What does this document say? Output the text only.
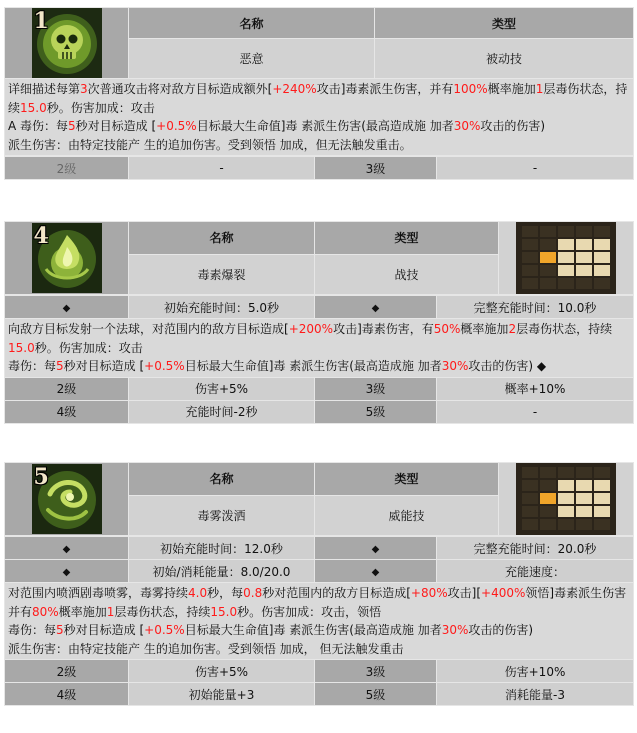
1	名称	类型
	恶意	被动技

详细描述每第3次普通攻击将对敌方目标造成额外[+240%攻击]毒素派生伤害，并有100%概率施加1层毒伤状态，持续15.0秒。伤害加成：攻击
A 毒伤：每5秒对目标造成 [+0.5%目标最大生命值]毒 素派生伤害(最高造成施 加者30%攻击的伤害)
派生伤害：由特定技能产 生的追加伤害。受到领悟 加成，但无法触发重击。		
2级	-	3级	-
4	名称	类型	

	毒素爆裂	战技	
◆	初始充能时间：5.0秒	◆	完整充能时间：10.0秒

向敌方目标发射一个法球，对范围内的敌方目标造成[+200%攻击]毒素伤害，有50%概率施加2层毒伤状态，持续15.0秒。伤害加成：攻击
毒伤：每5秒对目标造成 [+0.5%目标最大生命值]毒 素派生伤害(最高造成施 加者30%攻击的伤害) ◆			

2级	伤害+5%	3级	概率+10%
4级	充能时间-2秒	5级	-
5	名称	类型	

	毒雾泼洒	威能技	
◆	初始充能时间：12.0秒	◆	完整充能时间：20.0秒
◆	初始/消耗能量：8.0/20.0	◆	充能速度：

对范围内喷洒剧毒喷雾，毒雾持续4.0秒，每0.8秒对范围内的敌方目标造成[+80%攻击][+400%领悟]毒素派生伤害并有80%概率施加1层毒伤状态，持续15.0秒。伤害加成：攻击，领悟
毒伤：每5秒对目标造成 [+0.5%目标最大生命值]毒 素派生伤害(最高造成施 加者30%攻击的伤害)
派生伤害：由特定技能产 生的追加伤害。受到领悟 加成， 但无法触发重击			

2级	伤害+5%	3级	伤害+10%
4级	初始能量+3	5级	消耗能量-3
